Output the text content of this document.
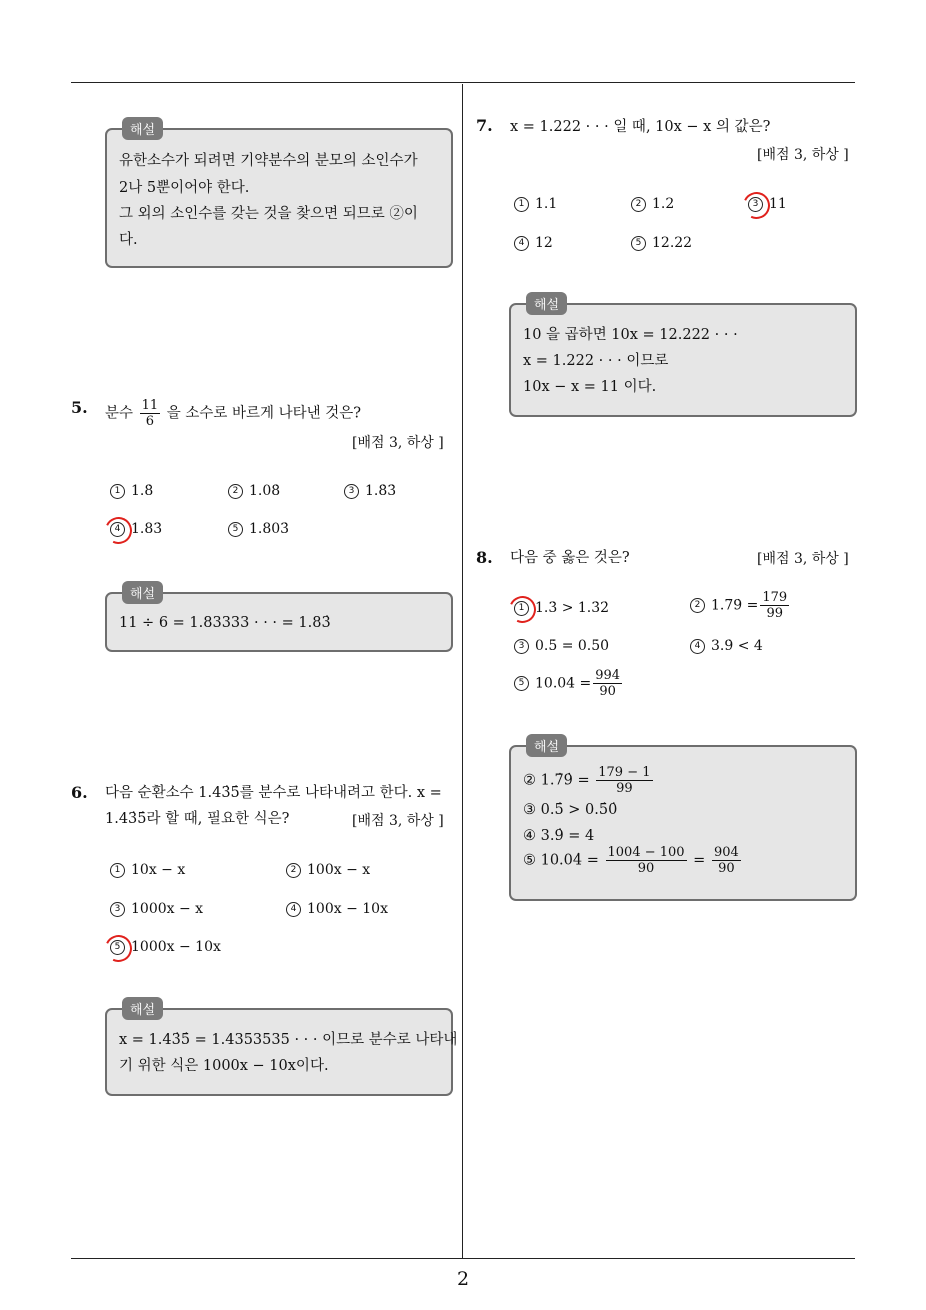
2
해설
유한소수가 되려면 기약분수의 분모의 소인수가
2나 5뿐이어야 한다.
그 외의 소인수를 갖는 것을 찾으면 되므로 ②이
다.
5. 분수 $\frac{11}{6}$ 을 소수로 바르게 나타낸 것은?
[배점 3, 하상 ]
1 1.8̇	2 1.08̇	3 1.8̇3̇
4 1.83̇	5 1.803̇
해설
11 ÷ 6 = 1.83333 · · · = 1.83̇
6. 다음 순환소수 1.43̇5̇를 분수로 나타내려고 한다. x =
1.43̇5̇라 할 때, 필요한 식은?	[배점 3, 하상 ]
1 10x − x	2 100x − x
3 1000x − x	4 100x − 10x
5 1000x − 10x
해설
x = 1.43̇5̇ = 1.4353535 · · · 이므로 분수로 나타내
기 위한 식은 1000x − 10x이다.
7. x = 1.222 · · · 일 때, 10x − x 의 값은?
[배점 3, 하상 ]
1 1.1	2 1.2	3 11
4 12	5 12.22
해설
10 을 곱하면 10x = 12.222 · · ·
x = 1.222 · · · 이므로
10x − x = 11 이다.
8. 다음 중 옳은 것은?	[배점 3, 하상 ]
1 1.3̇ > 1.3̇2̇	2 1.7̇9̇ = $\frac{179}{99}$
3 0.5̇ = 0.5̇0̇	4 3.9̇ < 4
5 10.04̇ = $\frac{994}{90}$
해설
② 1.7̇9̇ = $\frac{179 - 1}{99}$
③ 0.5̇ > 0.5̇0̇
④ 3.9̇ = 4
⑤ 10.04̇ = $\frac{1004 - 100}{90} = \frac{904}{90}$
